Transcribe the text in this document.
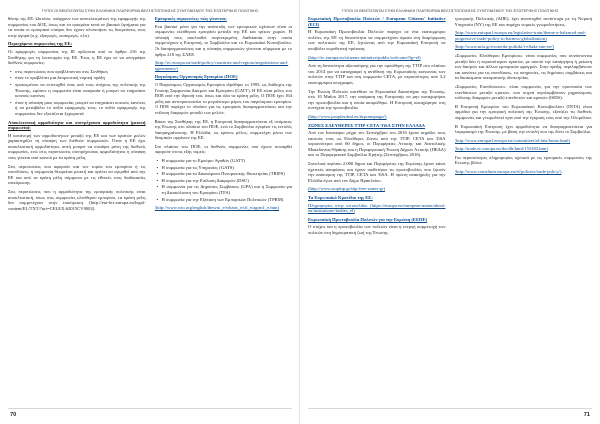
ΤΥΠΟΙ ΟΙ ΒΕΝΤΙΖΟΝΤΑΙ ΣΤΗΝ ΕΛΛΗΝΙΚΗ ΠΛΑΤΦΟΡΜΑ ΒΕΛΤΙΣΤΟΠΟΙΗΣΗΣ ΣΥΝΤΟΝΙΣΜΟΥ ΤΗΣ ΕΞΩΤΕΡΙΚΗΣ ΠΟΛΙΤΙΚΗΣ

θέσης της ΕΕ. Ωστόσο, υπάρχουν των αποτελεσμάτων της εφαρμογής της συμφωνίας του ΔΟΣ, όπως και τα ορισμένα κενά σε βασικά ζητήματα για τα οποία οι εμπορικοί εταίροι δεν έχουν υλοποιήσει τις δεσμεύσεις τους στην αγορά (π.χ. εξαγωγές, εισαγωγές, κλπ).

Περιεχόμενο συμφωνίας της ΕΕ:

Οι εφαρμογές συμφωνίας της ΙΕ ορίζονται από το άρθρο 216 της Συνθήκης για τη λειτουργία της ΕΕ. Έτσι, η ΕΕ έχει σε να υπογράψει διεθνείς συμφωνίες:

• στις περιπτώσεις που προβλέπονται στις Συνθήκες
• όταν το προβλέπει μια δεσμευτική νομική πράξη
• προκειμένου να επιτευχθεί ένας από τους στόχους της πολιτικής της Ένωσης, εφόσον η συμφωνία είναι αναγκαία ή μπορεί να επηρεάσει κοινούς κανόνες
• όταν η σύναψη μιας συμφωνίας μπορεί να επηρεάσει κοινούς κανόνες ή να μεταβάλει το πεδίο εφαρμογής τους, το πεδίο εφαρμογής της συμφωνίας δεν εξετάζεται ξεχωριστά
Αποκλειστική αρμοδιότητα και συντρέχουσα αρμοδιότητα (μεικτή συμφωνία):

Η κατανομή των αρμοδιοτήτων μεταξύ της ΕΕ και των κρατών μελών χαρακτηρίζει τη σύναψη των διεθνών συμφωνιών. Όταν η ΕΕ έχει αποκλειστική αρμοδιότητα, αυτή μπορεί να συνάψει μόνη της διεθνείς συμφωνίες, ενώ στις περιπτώσεις συντρέχουσας αρμοδιότητας η σύναψη τους γίνεται από κοινού με τα κράτη μέλη.

Στις περιπτώσεις που αφορούν και τον τομέα του εμπορίου ή τις επενδύσεις, η συμφωνία θεωρείται μεικτή και πρέπει να εγκριθεί από την ΕΕ και από τα κράτη μέλη σύμφωνα με τις εθνικές τους διαδικασίες επικύρωσης.

Στις περιπτώσεις που η αρμοδιότητα της εμπορικής πολιτικής είναι αποκλειστική, όπως στις συμφωνίες ελεύθερου εμπορίου, τα κράτη μέλη δεν συμμετέχουν στην επικύρωση. (http://eur-lex.europa.eu/legal-content/EL/TXT/?uri=CELEX:62015CV0002).

Εμπορικές συμφωνίες: πώς γίνονται;

Ένα βασικό μέσο για την ανάπτυξη των εμπορικών σχέσεων είναι οι συμφωνίες ελεύθερου εμπορίου μεταξύ της ΕΕ και τρίτων χωρών. Η σύναψή τους ακολουθεί συγκεκριμένη διαδικασία στην οποία συμμετέχουν η Επιτροπή, το Συμβούλιο και το Ευρωπαϊκό Κοινοβούλιο. Οι διαπραγματεύσεις και η σύναψη συμφωνιών γίνονται σύμφωνα με το άρθρο 218 της ΣΛΕΕ.

(http://ec.europa.eu/trade/policy/countries-and-regions/negotiations-and-agreements/)

Παγκόσμιος Οργανισμός Εμπορίου (ΠΟΕ)

Ο Παγκόσμιος Οργανισμός Εμπορίου ιδρύθηκε το 1995, ως διάδοχος της Γενικής Συμφωνίας Δασμών και Εμπορίου (GATT). Η ΕΕ είναι μέλος του ΠΟΕ από την ίδρυσή του, όπως και όλα τα κράτη μέλη. Ο ΠΟΕ έχει 164 μέλη και αντιπροσωπεύει το μεγαλύτερο μέρος του παγκόσμιου εμπορίου. Ο ΠΟΕ παρέχει το πλαίσιο για τις εμπορικές διαπραγματεύσεις και την επίλυση διαφορών μεταξύ των μελών.

Βάσει της Συνθήκης της ΕΕ, η Επιτροπή διαπραγματεύεται εξ ονόματος της Ένωσης στο πλαίσιο του ΠΟΕ, ενώ το Συμβούλιο εγκρίνει τις εντολές διαπραγμάτευσης. Η Ελλάδα, ως κράτος μέλος, συμμετέχει μέσω των θεσμικών οργάνων της ΕΕ.

Στο πλαίσιο του ΠΟΕ, οι διεθνείς συμφωνίες που έχουν συναφθεί αφορούν στους εξής τομείς:

• Η συμφωνία για το Εμπόριο Αγαθών (GATT)
• Η συμφωνία για τις Υπηρεσίες (GATS)
• Η συμφωνία για τα Δικαιώματα Πνευματικής Ιδιοκτησίας (TRIPS)
• Η συμφωνία για την Επίλυση Διαφορών (DSU)
• Η συμφωνία για τις Δημόσιες Συμβάσεις (GPA) και η Συμφωνία για τη Διευκόλυνση του Εμπορίου (TFA)
• Η συμφωνία για την Εξέταση των Εμπορικών Πολιτικών (TPRM)

(http://www.wto.org/english/thewto_e/whatis_e/tif_e/agrm1_e.htm)

70
ΤΥΠΟΙ ΟΙ ΒΕΝΤΙΖΟΝΤΑΙ ΣΤΗΝ ΕΛΛΗΝΙΚΗ ΠΛΑΤΦΟΡΜΑ ΒΕΛΤΙΣΤΟΠΟΙΗΣΗΣ ΣΥΝΤΟΝΙΣΜΟΥ ΤΗΣ ΕΞΩΤΕΡΙΚΗΣ ΠΟΛΙΤΙΚΗΣ
Ευρωπαϊκή Πρωτοβουλία Πολιτών / European Citizens' Initiative (ECI)

Η Ευρωπαϊκή Πρωτοβουλία Πολιτών παρέχει σε ένα εκατομμύριο πολίτες της ΕΕ τη δυνατότητα να συμμετέχουν άμεσα στη διαμόρφωση των πολιτικών της ΕΕ, ζητώντας από την Ευρωπαϊκή Επιτροπή να υποβάλει νομοθετική πρόταση.

(http://ec.europa.eu/citizens-initiative/public/welcome?lg=el)

Από τη δυνατότητα αξιοποίησης για την προώθηση της ΤΤΙΡ στο πλαίσιο του 2014 για να καταγραφεί η αντίθεση της Ευρωπαϊκής κοινωνίας των πολιτών στην ΤΤΙΡ και στη συμφωνία CETA, με περισσότερες από 3,2 εκατομμύρια υπογραφές.

Την Ένωση Πολιτών κατέθεσε το Ευρωπαϊκό Δικαστήριο της Ένωσης, στις 10 Μαΐου 2017, την απόφαση της Επιτροπής να μην καταχωρήσει την πρωτοβουλία και η οποία ακυρώθηκε. Η Επιτροπή καταχώρησε στη συνέχεια την πρωτοβουλία.

(http://www.peoplesdeal.eu/ttipcampaign/)

ΖΩΝΕΣ ΕΛΕΥΘΕΡΕΣ TTIP-CETA-TiSA ΣΤΗΝ ΕΛΛΑΔΑ

Από τον Ιανουάριο μέχρι τον Σεπτέμβριο του 2016 έχουν κηρύξει τους εαυτούς τους ως Ελεύθερες Ζώνες από την TTIP, CETA και TiSA περισσότεροι από 60 δήμοι, οι Περιφέρειες Αττικής και Ανατολικής Μακεδονίας-Θράκης και η Περιφερειακή Ένωση Δήμων Αττικής (ΠΕΔΑ) και το Περιφερειακό Συμβούλιο Κρήτης (Σεπτέμβριος 2016).

Συνολικά περίπου 2.000 δήμοι και Περιφέρειες της Ευρώπης έχουν κάνει σχετικές αποφάσεις και έχουν υιοθετήσει τις πρωτοβουλίες που ζητούν την απόσυρση της TTIP, CETA και TiSA. Η πρώτη ανακήρυξη για την Ελλάδα έγινε από τον Δήμο Ηρακλείου.

(http://www.stopttip.gr/ttip-free-zones-gr)

Τα Ευρωπαϊκό Κρατίδιο της ΕΕ:

Πληροφορίες στην ιστοσελίδα: (https://europa.eu/european-union/about-eu/institutions-bodies_el)

Ευρωπαϊκή Πρωτοβουλία Πολιτών για την Ευρώπη (ΕΕΠΕ)

Ο στόχος και η πρωτοβουλία των πολιτών είναι η ενεργή συμμετοχή των πολιτών στη δημοκρατική ζωή της Ένωσης.

εμπορικής Πολιτικής (ΔΠΕ), έχει αναπτυχθεί αντίστοιχα με τη Νομική Υπηρεσία (ΝΥ) της ΕΕ και παρέχει νομικές γνωμοδοτήσεις.

(http://www.europarl.europa.eu/legislative-train/theme-a-balanced-and-progressive-trade-policy-to-harness-globalisation)

(http://www.mfa.gr/exoteriki-politiki/i-ellada-stin-ee/)

«Συμφωνίες Ελεύθερου Εμπορίου»: είναι συμφωνίες που συνάπτονται μεταξύ δύο ή περισσότερων κρατών, με σκοπό την κατάργηση ή μείωση των δασμών και άλλων εμπορικών φραγμών. Στην πράξη, περιλαμβάνουν και κανόνες για τις επενδύσεις, τις υπηρεσίες, τις δημόσιες συμβάσεις και τα δικαιώματα πνευματικής ιδιοκτησίας.

«Συμφωνίες Επενδύσεων»: είναι συμφωνίες για την προστασία των επενδύσεων μεταξύ κρατών, που συχνά περιλαμβάνουν μηχανισμούς επίλυσης διαφορών μεταξύ επενδυτών και κρατών (ISDS).

Η Επιτροπή Εμπορίου του Ευρωπαϊκού Κοινοβουλίου (INTA) είναι αρμόδια για την εμπορική πολιτική της Ένωσης, εξετάζει τις διεθνείς συμφωνίες και γνωμοδοτεί πριν από την έγκριση τους από την Ολομέλεια.

Η Ευρωπαϊκή Επιτροπή έχει αρμοδιότητα να διαπραγματεύεται για λογαριασμό της Ένωσης, με βάση την εντολή που της δίνει το Συμβούλιο.

(http://www.europarl.europa.eu/committees/el/inta/home.html)

(http://trade.ec.europa.eu/doclib/html/155383.htm)

Για περισσότερες πληροφορίες σχετικά με τις εμπορικές συμφωνίες της Ένωσης βλέπε:

(http://www.consilium.europa.eu/el/policies/trade-policy/)

71
